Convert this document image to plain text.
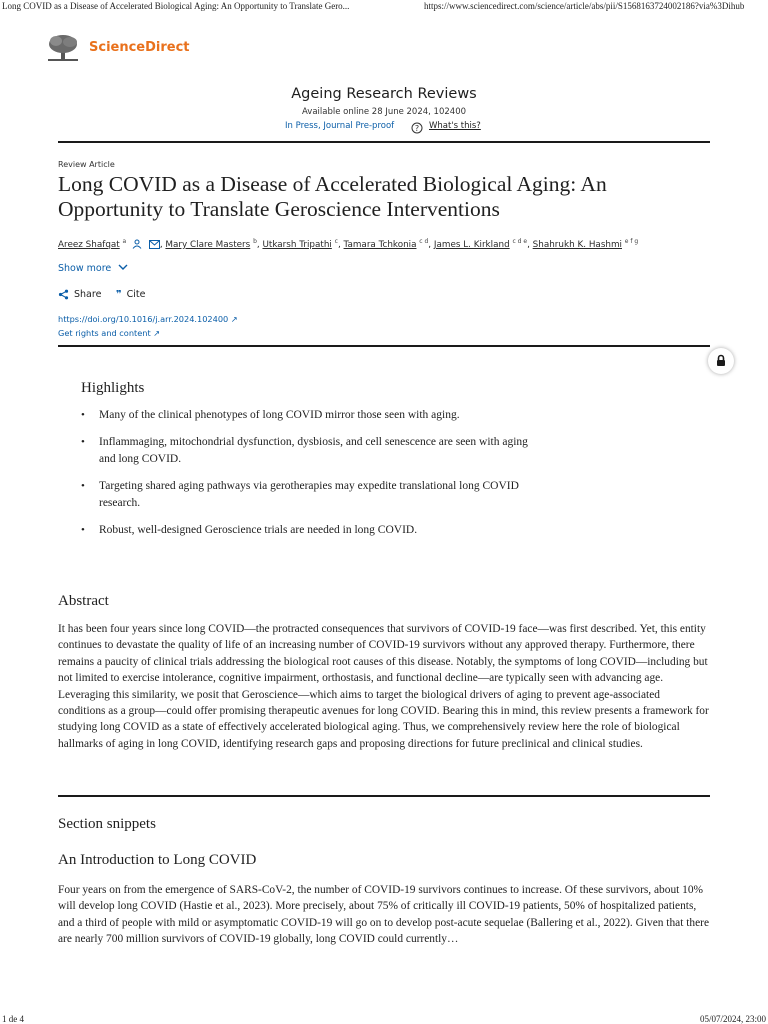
Long COVID as a Disease of Accelerated Biological Aging: An Opportunity to Translate Gero...	https://www.sciencedirect.com/science/article/abs/pii/S1568163724002186?via%3Dihub
ScienceDirect
Ageing Research Reviews
Available online 28 June 2024, 102400
In Press, Journal Pre-proof	? What's this?
Review Article
Long COVID as a Disease of Accelerated Biological Aging: An
Opportunity to Translate Geroscience Interventions
Areez Shafqat $^a$	, Mary Clare Masters $^b$, Utkarsh Tripathi $^c$, Tamara Tchkonia $^{c d}$, James L. Kirkland $^{c d e}$, Shahrukh K. Hashmi $^{e f g}$
Show more
Share ❞ Cite
https://doi.org/10.1016/j.arr.2024.102400 ↗
Get rights and content ↗
Highlights
• Many of the clinical phenotypes of long COVID mirror those seen with aging.
• Inflammaging, mitochondrial dysfunction, dysbiosis, and cell senescence are seen with aging and long COVID.
• Targeting shared aging pathways via gerotherapies may expedite translational long COVID research.
• Robust, well-designed Geroscience trials are needed in long COVID.
Abstract
It has been four years since long COVID—the protracted consequences that survivors of COVID-19 face—was first described. Yet, this entity continues to devastate the quality of life of an increasing number of COVID-19 survivors without any approved therapy. Furthermore, there remains a paucity of clinical trials addressing the biological root causes of this disease. Notably, the symptoms of long COVID—including but not limited to exercise intolerance, cognitive impairment, orthostasis, and functional decline—are typically seen with advancing age. Leveraging this similarity, we posit that Geroscience—which aims to target the biological drivers of aging to prevent age-associated conditions as a group—could offer promising therapeutic avenues for long COVID. Bearing this in mind, this review presents a framework for studying long COVID as a state of effectively accelerated biological aging. Thus, we comprehensively review here the role of biological hallmarks of aging in long COVID, identifying research gaps and proposing directions for future preclinical and clinical studies.
Section snippets
An Introduction to Long COVID
Four years on from the emergence of SARS-CoV-2, the number of COVID-19 survivors continues to increase. Of these survivors, about 10% will develop long COVID (Hastie et al., 2023). More precisely, about 75% of critically ill COVID-19 patients, 50% of hospitalized patients, and a third of people with mild or asymptomatic COVID-19 will go on to develop post-acute sequelae (Ballering et al., 2022). Given that there are nearly 700 million survivors of COVID-19 globally, long COVID could currently…
1 de 4	05/07/2024, 23:00
